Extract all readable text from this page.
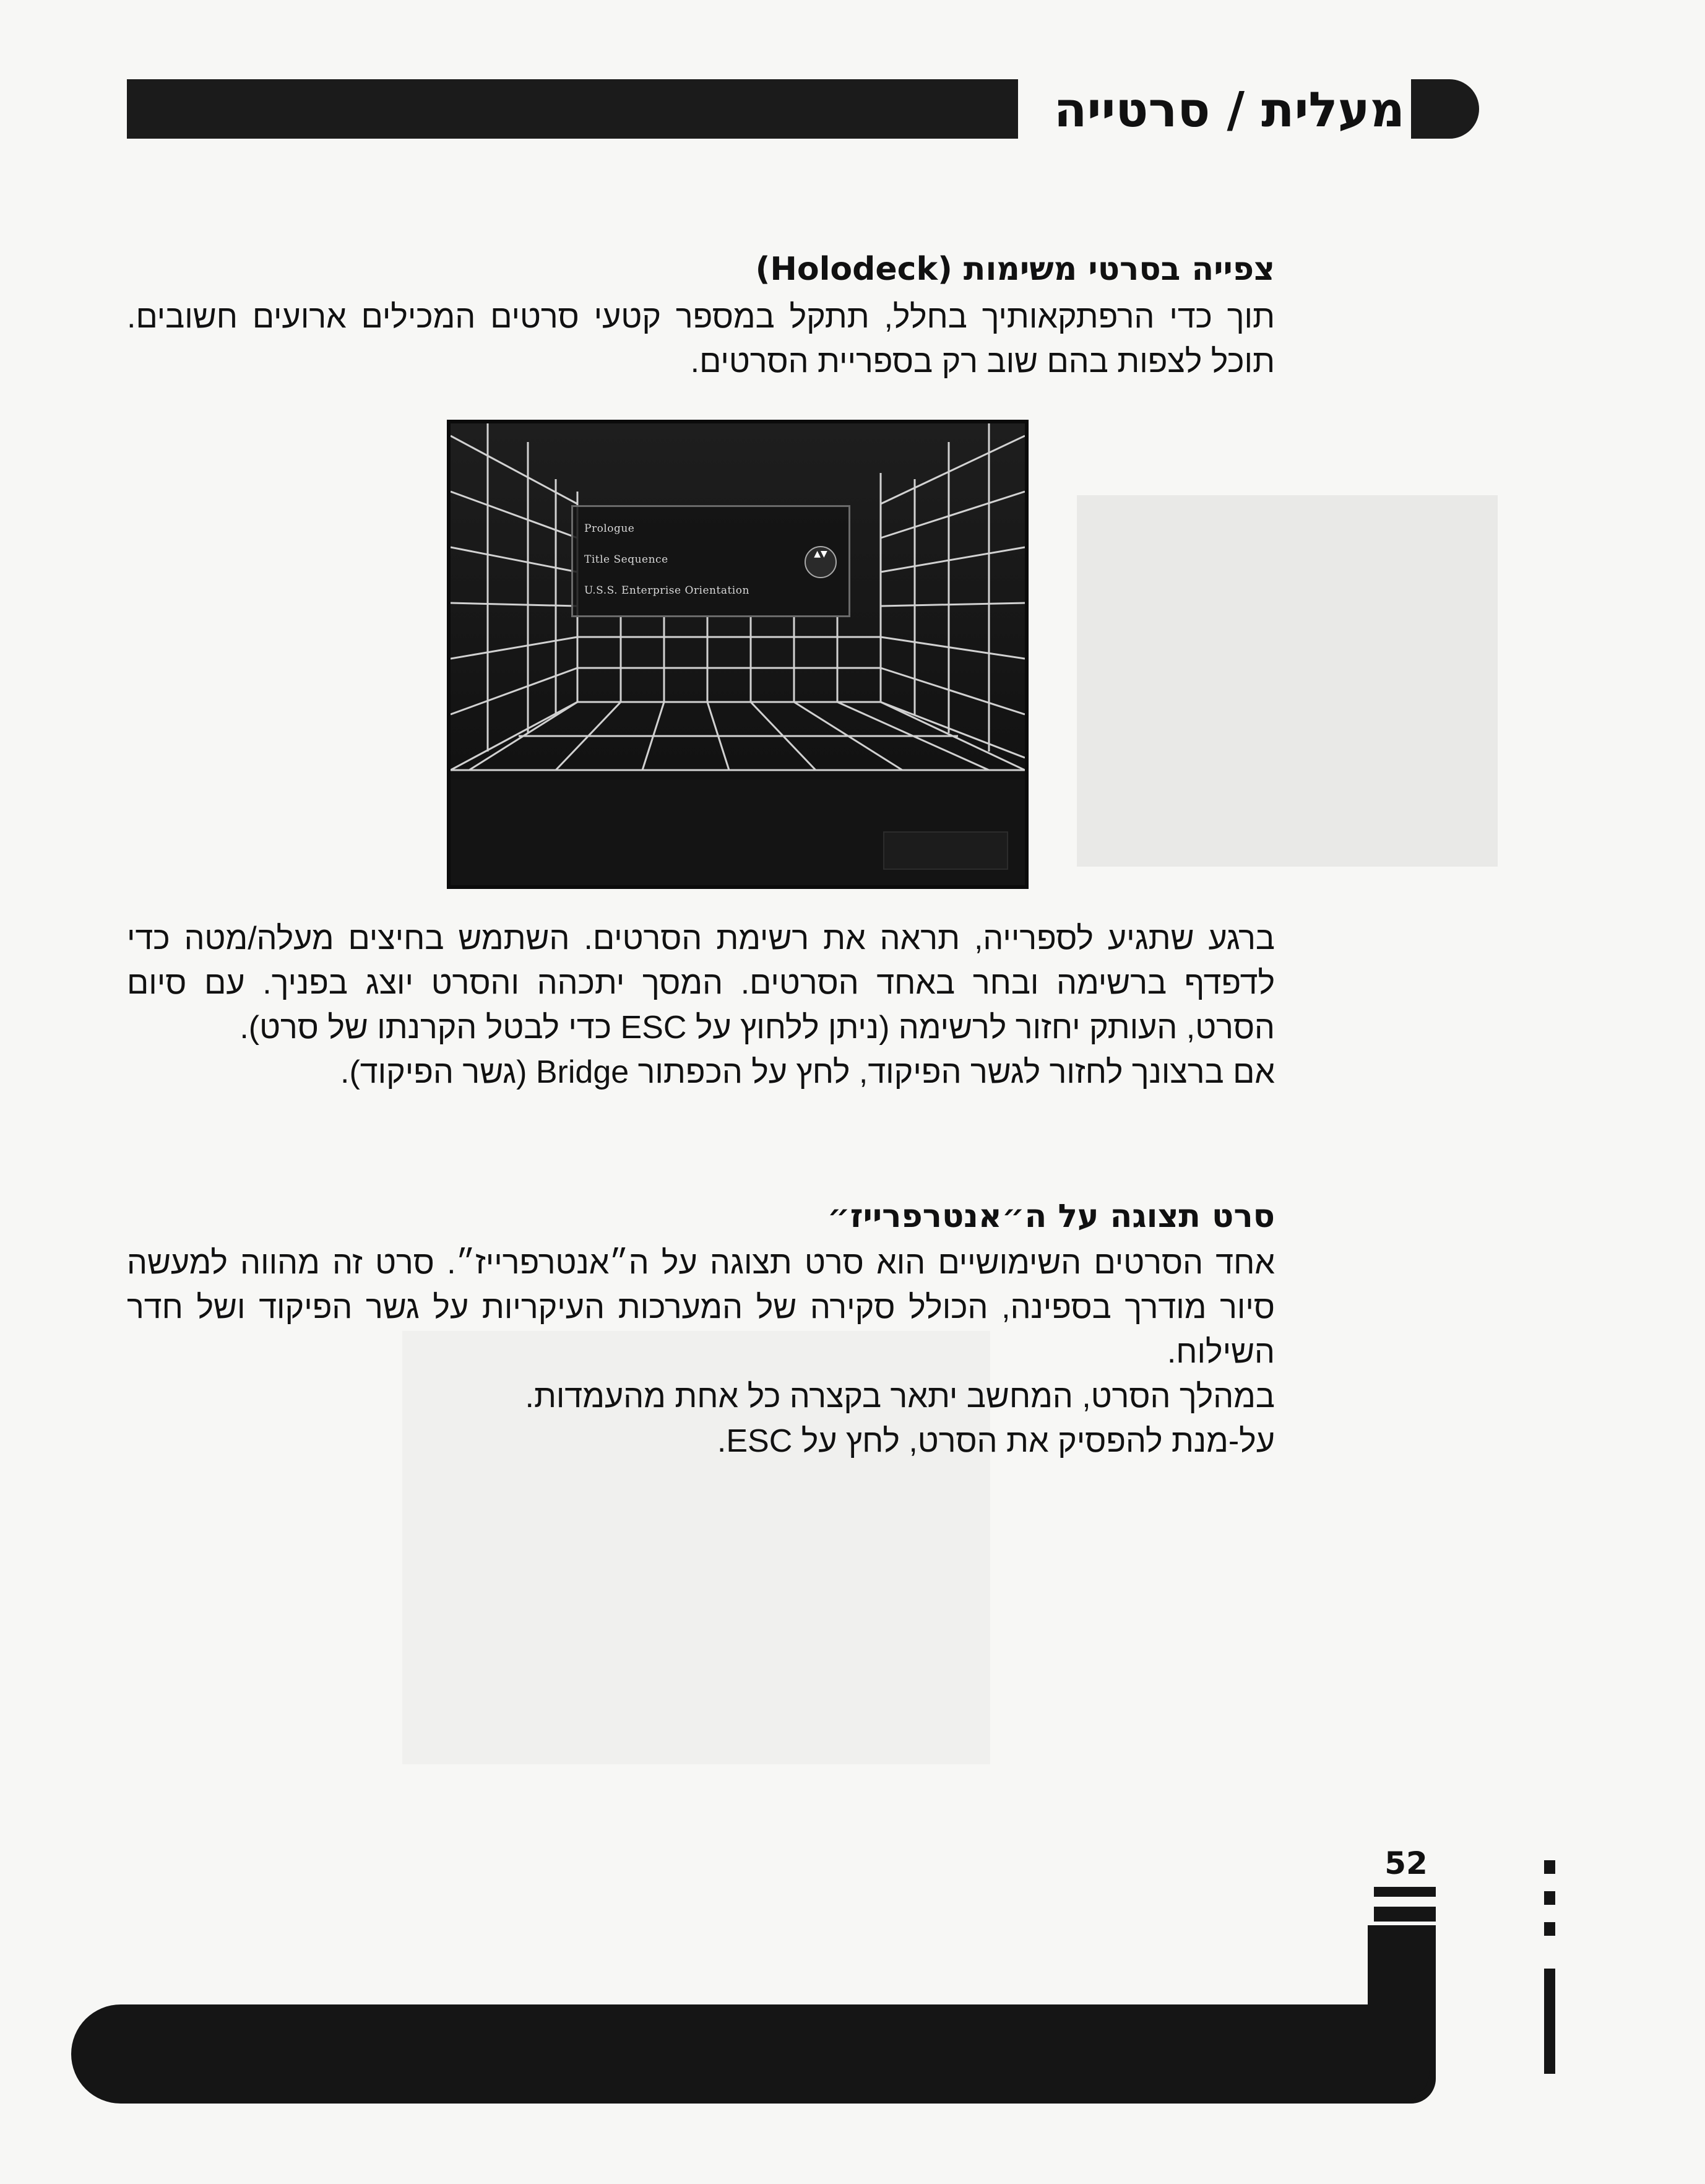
מעלית / סרטייה
צפייה בסרטי משימות (Holodeck)
תוך כדי הרפתקאותיך בחלל, תתקל במספר קטעי סרטים המכילים ארועים חשובים. תוכל לצפות בהם שוב רק בספריית הסרטים.
Prologue
Title Sequence
U.S.S. Enterprise Orientation
▲▼

ברגע שתגיע לספרייה, תראה את רשימת הסרטים. השתמש בחיצים מעלה/מטה כדי לדפדף ברשימה ובחר באחד הסרטים. המסך יתכהה והסרט יוצג בפניך. עם סיום הסרט, העותק יחזור לרשימה (ניתן ללחוץ על ESC כדי לבטל הקרנתו של סרט).

אם ברצונך לחזור לגשר הפיקוד, לחץ על הכפתור Bridge (גשר הפיקוד).

סרט תצוגה על ה״אנטרפרייז״

אחד הסרטים השימושיים הוא סרט תצוגה על ה״אנטרפרייז״. סרט זה מהווה למעשה סיור מודרך בספינה, הכולל סקירה של המערכות העיקריות על גשר הפיקוד ושל חדר השילוח.

במהלך הסרט, המחשב יתאר בקצרה כל אחת מהעמדות.

על-מנת להפסיק את הסרט, לחץ על ESC.

52
